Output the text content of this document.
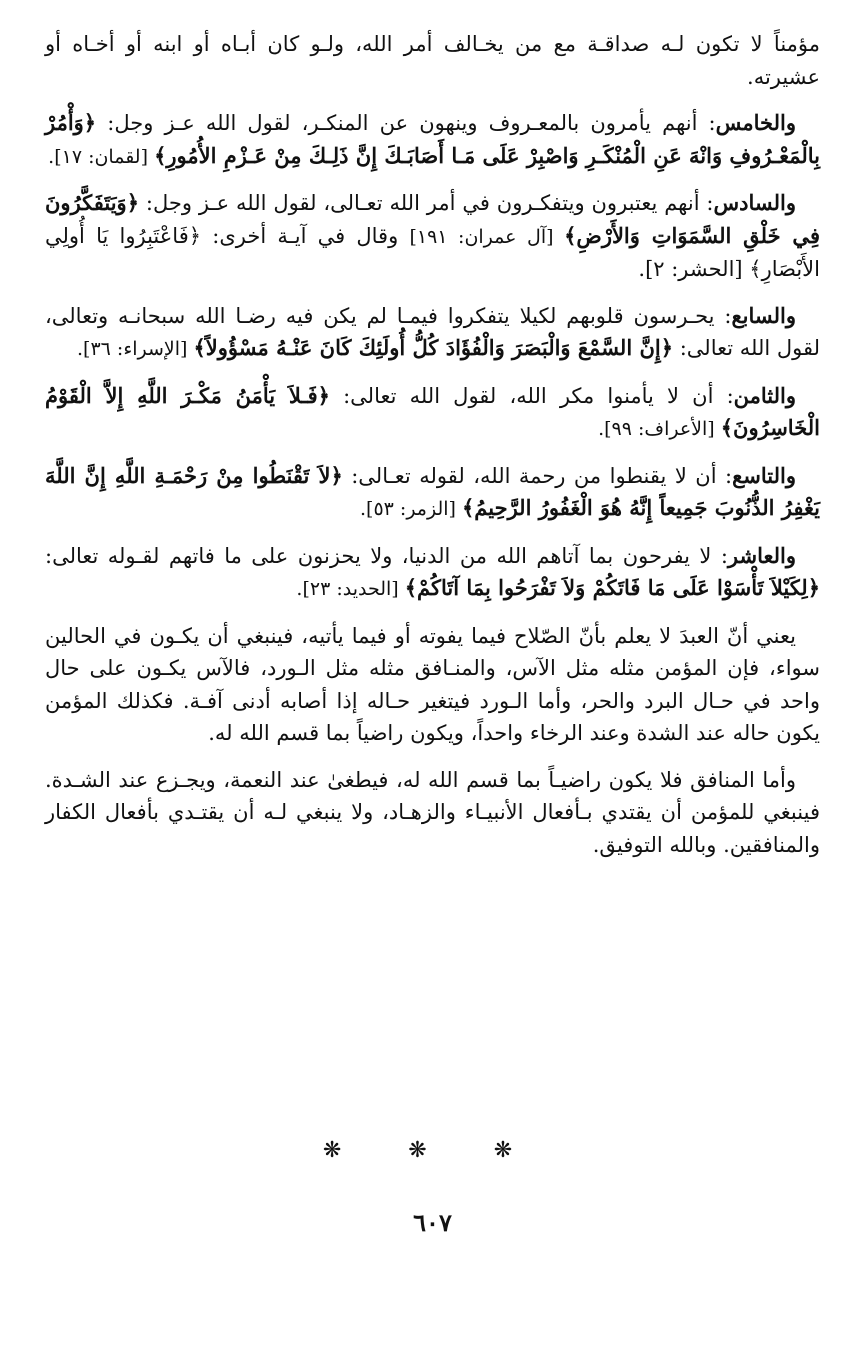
مؤمناً لا تكون لـه صداقـة مع من يخـالف أمر الله، ولـو كان أبـاه أو ابنه أو أخـاه أو عشيرته.

والخامس: أنهم يأمرون بالمعـروف وينهون عن المنكـر، لقول الله عـز وجل: ﴿وَأْمُرْ بِالْمَعْـرُوفِ وَانْهَ عَنِ الْمُنْكَـرِ وَاصْبِرْ عَلَى مَـا أَصَابَـكَ إِنَّ ذَلِـكَ مِنْ عَـزْمِ الأُمُورِ﴾ [لقمان: ١٧].

والسادس: أنهم يعتبرون ويتفكـرون في أمر الله تعـالى، لقول الله عـز وجل: ﴿وَيَتَفَكَّرُونَ فِي خَلْقِ السَّمَوَاتِ وَالأَرْضِ﴾ [آل عمران: ١٩١] وقال في آيـة أخرى: ﴿فَاعْتَبِرُوا يَا أُولِي الأَبْصَارِ﴾ [الحشر: ٢].

والسابع: يحـرسون قلوبهم لكيلا يتفكروا فيمـا لم يكن فيه رضـا الله سبحانـه وتعالى، لقول الله تعالى: ﴿إِنَّ السَّمْعَ وَالْبَصَرَ وَالْفُؤَادَ كُلُّ أُولَئِكَ كَانَ عَنْـهُ مَسْؤُولاً﴾ [الإسراء: ٣٦].

والثامن: أن لا يأمنوا مكر الله، لقول الله تعالى: ﴿فَـلاَ يَأْمَنُ مَكْـرَ اللَّهِ إِلاَّ الْقَوْمُ الْخَاسِرُونَ﴾ [الأعراف: ٩٩].

والتاسع: أن لا يقنطوا من رحمة الله، لقوله تعـالى: ﴿لاَ تَقْنَطُوا مِنْ رَحْمَـةِ اللَّهِ إِنَّ اللَّهَ يَغْفِرُ الذُّنُوبَ جَمِيعاً إِنَّهُ هُوَ الْغَفُورُ الرَّحِيمُ﴾ [الزمر: ٥٣].

والعاشر: لا يفرحون بما آتاهم الله من الدنيا، ولا يحزنون على ما فاتهم لقـوله تعالى: ﴿لِكَيْلاَ تَأْسَوْا عَلَى مَا فَاتَكُمْ وَلاَ تَفْرَحُوا بِمَا آتَاكُمْ﴾ [الحديد: ٢٣].

يعني أنّ العبدَ لا يعلم بأنّ الصّلاح فيما يفوته أو فيما يأتيه، فينبغي أن يكـون في الحالين سواء، فإن المؤمن مثله مثل الآس، والمنـافق مثله مثل الـورد، فالآس يكـون على حال واحد في حـال البرد والحر، وأما الـورد فيتغير حـاله إذا أصابه أدنى آفـة. فكذلك المؤمن يكون حاله عند الشدة وعند الرخاء واحداً، ويكون راضياً بما قسم الله له.

وأما المنافق فلا يكون راضيـاً بما قسم الله له، فيطغىٰ عند النعمة، ويجـزع عند الشـدة. فينبغي للمؤمن أن يقتدي بـأفعال الأنبيـاء والزهـاد، ولا ينبغي لـه أن يقتـدي بأفعال الكفار والمنافقين. وبالله التوفيق.

❋ ❋ ❋
٦٠٧
